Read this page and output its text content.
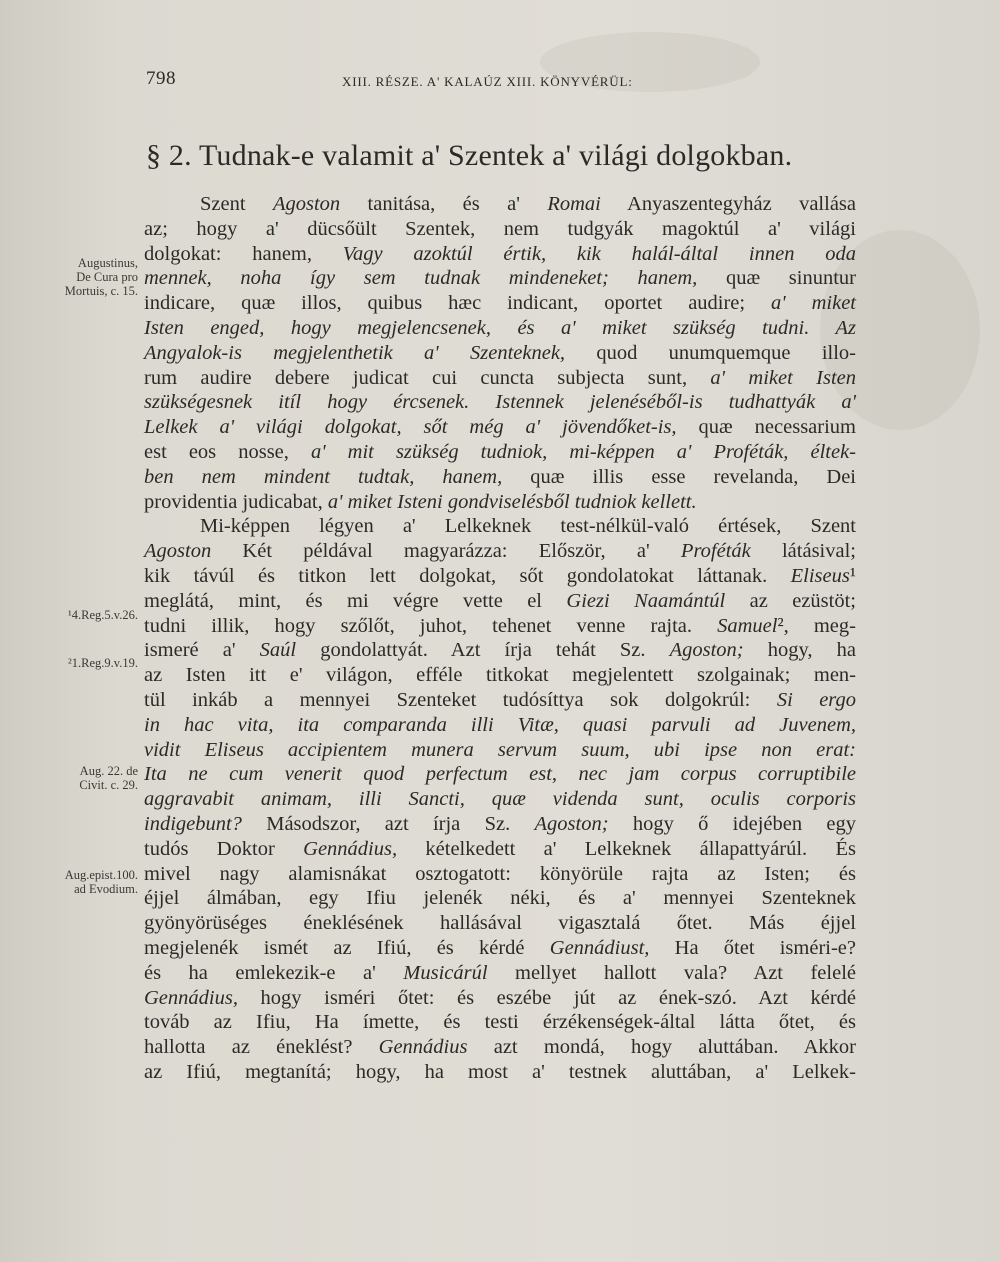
798	XIII. RÉSZE. A' KALAÚZ XIII. KÖNYVÉRÜL:
§ 2. Tudnak-e valamit a' Szentek a' világi dolgokban.
Augustinus,
De Cura pro
Mortuis, c. 15.
¹4.Reg.5.v.26.
²1.Reg.9.v.19.
Aug. 22. de
Civit. c. 29.
Aug.epist.100.
ad Evodium.
Szent Agoston tanitása, és a' Romai Anyaszentegyház vallása
az; hogy a' dücsőült Szentek, nem tudgyák magoktúl a' világi
dolgokat: hanem, Vagy azoktúl értik, kik halál-által innen oda
mennek, noha így sem tudnak mindeneket; hanem, quæ sinuntur
indicare, quæ illos, quibus hæc indicant, oportet audire; a' miket
Isten enged, hogy megjelencsenek, és a' miket szükség tudni. Az
Angyalok-is megjelenthetik a' Szenteknek, quod unumquemque illo-
rum audire debere judicat cui cuncta subjecta sunt, a' miket Isten
szükségesnek itíl hogy ércsenek. Istennek jelenéséből-is tudhattyák a'
Lelkek a' világi dolgokat, sőt még a' jövendőket-is, quæ necessarium
est eos nosse, a' mit szükség tudniok, mi-képpen a' Proféták, éltek-
ben nem mindent tudtak, hanem, quæ illis esse revelanda, Dei
providentia judicabat, a' miket Isteni gondviselésből tudniok kellett.
Mi-képpen légyen a' Lelkeknek test-nélkül-való értések, Szent
Agoston Két példával magyarázza: Először, a' Proféták látásival;
kik távúl és titkon lett dolgokat, sőt gondolatokat láttanak. Eliseus¹
meglátá, mint, és mi végre vette el Giezi Naamántúl az ezüstöt;
tudni illik, hogy szőlőt, juhot, tehenet venne rajta. Samuel², meg-
ismeré a' Saúl gondolattyát. Azt írja tehát Sz. Agoston; hogy, ha
az Isten itt e' világon, efféle titkokat megjelentett szolgainak; men-
tül inkáb a mennyei Szenteket tudósíttya sok dolgokrúl: Si ergo
in hac vita, ita comparanda illi Vitæ, quasi parvuli ad Juvenem,
vidit Eliseus accipientem munera servum suum, ubi ipse non erat:
Ita ne cum venerit quod perfectum est, nec jam corpus corruptibile
aggravabit animam, illi Sancti, quæ videnda sunt, oculis corporis
indigebunt? Másodszor, azt írja Sz. Agoston; hogy ő idejében egy
tudós Doktor Gennádius, kételkedett a' Lelkeknek állapattyárúl. És
mivel nagy alamisnákat osztogatott: könyörüle rajta az Isten; és
éjjel álmában, egy Ifiu jelenék néki, és a' mennyei Szenteknek
gyönyörüséges éneklésének hallásával vigasztalá őtet. Más éjjel
megjelenék ismét az Ifiú, és kérdé Gennádiust, Ha őtet isméri-e?
és ha emlekezik-e a' Musicárúl mellyet hallott vala? Azt felelé
Gennádius, hogy isméri őtet: és eszébe jút az ének-szó. Azt kérdé
továb az Ifiu, Ha ímette, és testi érzékenségek-által látta őtet, és
hallotta az éneklést? Gennádius azt mondá, hogy aluttában. Akkor
az Ifiú, megtanítá; hogy, ha most a' testnek aluttában, a' Lelkek-
